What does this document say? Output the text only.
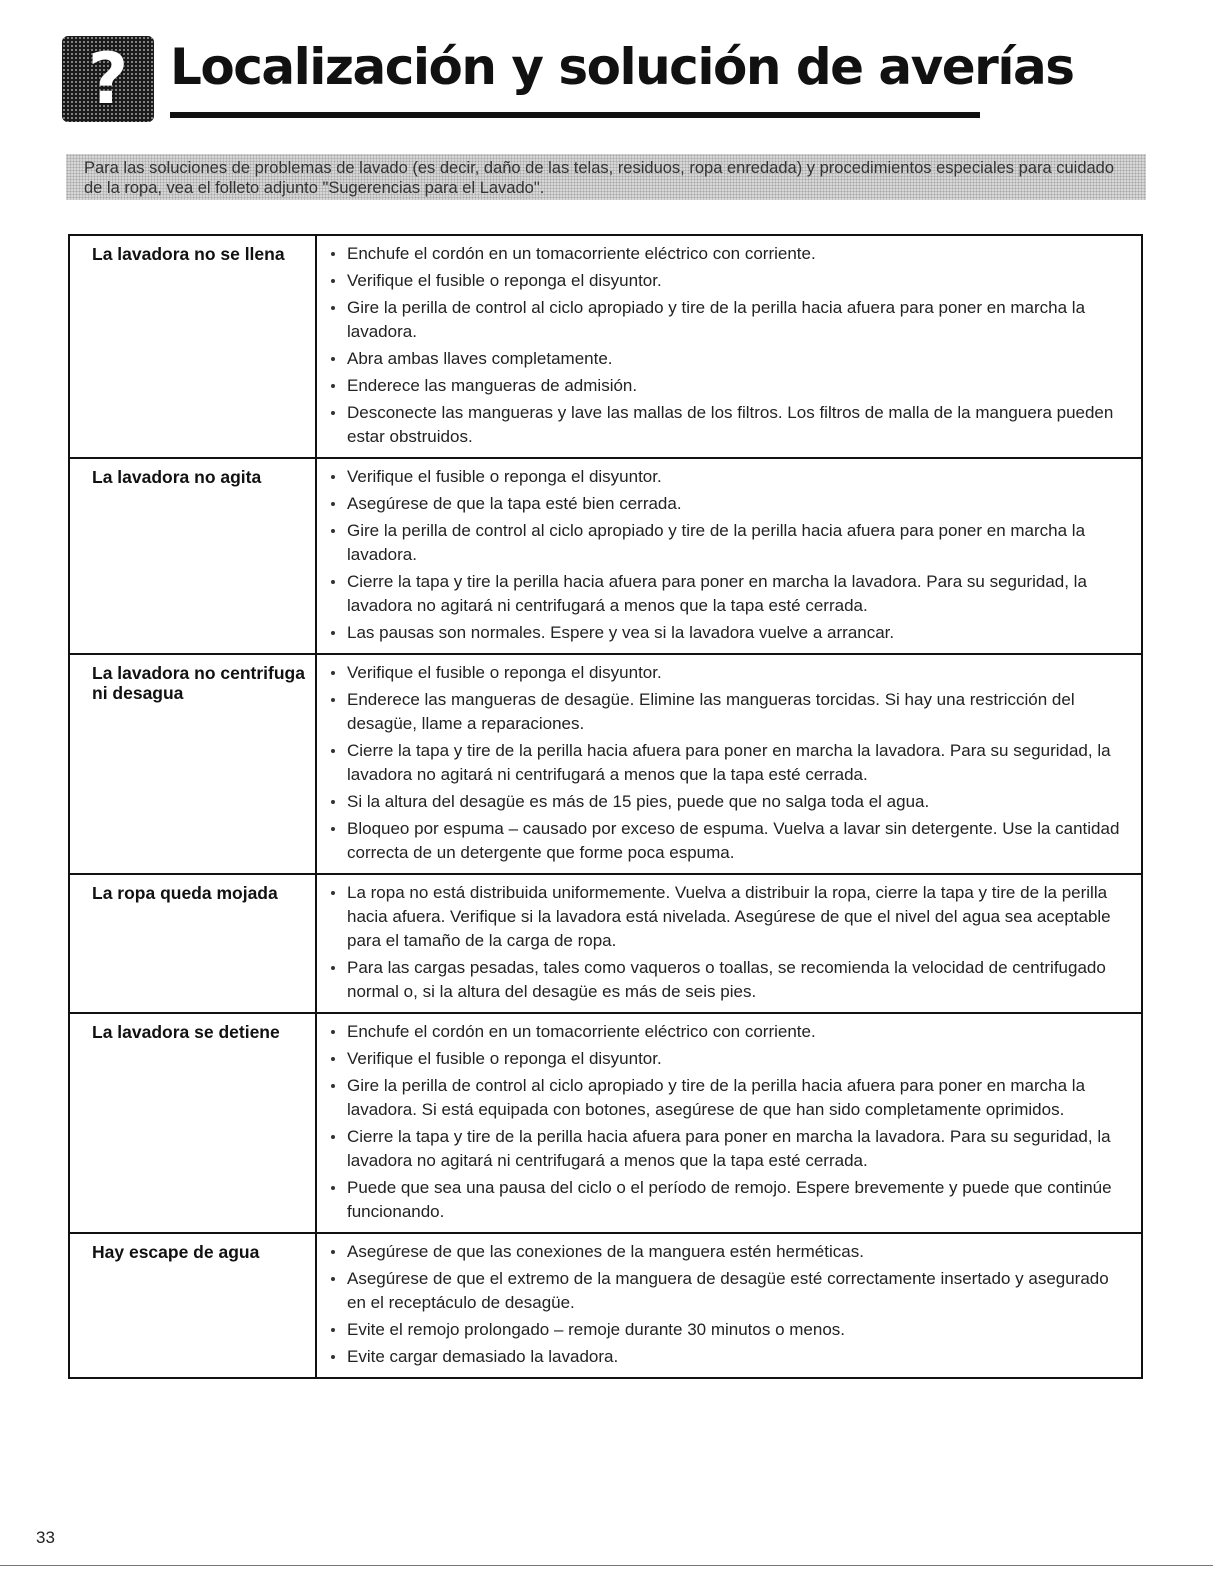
? Localización y solución de averías
Para las soluciones de problemas de lavado (es decir, daño de las telas, residuos, ropa enredada) y procedimientos especiales para cuidado de la ropa, vea el folleto adjunto "Sugerencias para el Lavado".
La lavadora no se llena	Enchufe el cordón en un tomacorriente eléctrico con corriente.
Verifique el fusible o reponga el disyuntor.
Gire la perilla de control al ciclo apropiado y tire de la perilla hacia afuera para poner en marcha la lavadora.
Abra ambas llaves completamente.
Enderece las mangueras de admisión.
Desconecte las mangueras y lave las mallas de los filtros. Los filtros de malla de la manguera pueden estar obstruidos.
La lavadora no agita	Verifique el fusible o reponga el disyuntor.
Asegúrese de que la tapa esté bien cerrada.
Gire la perilla de control al ciclo apropiado y tire de la perilla hacia afuera para poner en marcha la lavadora.
Cierre la tapa y tire la perilla hacia afuera para poner en marcha la lavadora. Para su seguridad, la lavadora no agitará ni centrifugará a menos que la tapa esté cerrada.
Las pausas son normales. Espere y vea si la lavadora vuelve a arrancar.
La lavadora no centrifuga ni desagua
Verifique el fusible o reponga el disyuntor.
Enderece las mangueras de desagüe. Elimine las mangueras torcidas. Si hay una restricción del desagüe, llame a reparaciones.
Cierre la tapa y tire de la perilla hacia afuera para poner en marcha la lavadora. Para su seguridad, la lavadora no agitará ni centrifugará a menos que la tapa esté cerrada.
Si la altura del desagüe es más de 15 pies, puede que no salga toda el agua.
Bloqueo por espuma – causado por exceso de espuma. Vuelva a lavar sin detergente. Use la cantidad correcta de un detergente que forme poca espuma.
La ropa queda mojada	La ropa no está distribuida uniformemente. Vuelva a distribuir la ropa, cierre la tapa y tire de la perilla hacia afuera. Verifique si la lavadora está nivelada. Asegúrese de que el nivel del agua sea aceptable para el tamaño de la carga de ropa.
Para las cargas pesadas, tales como vaqueros o toallas, se recomienda la velocidad de centrifugado normal o, si la altura del desagüe es más de seis pies.
La lavadora se detiene	Enchufe el cordón en un tomacorriente eléctrico con corriente.
Verifique el fusible o reponga el disyuntor.
Gire la perilla de control al ciclo apropiado y tire de la perilla hacia afuera para poner en marcha la lavadora. Si está equipada con botones, asegúrese de que han sido completamente oprimidos.
Cierre la tapa y tire de la perilla hacia afuera para poner en marcha la lavadora. Para su seguridad, la lavadora no agitará ni centrifugará a menos que la tapa esté cerrada.
Puede que sea una pausa del ciclo o el período de remojo. Espere brevemente y puede que continúe funcionando.
Hay escape de agua	Asegúrese de que las conexiones de la manguera estén herméticas.
Asegúrese de que el extremo de la manguera de desagüe esté correctamente insertado y asegurado en el receptáculo de desagüe.
Evite el remojo prolongado – remoje durante 30 minutos o menos.
Evite cargar demasiado la lavadora.
33
